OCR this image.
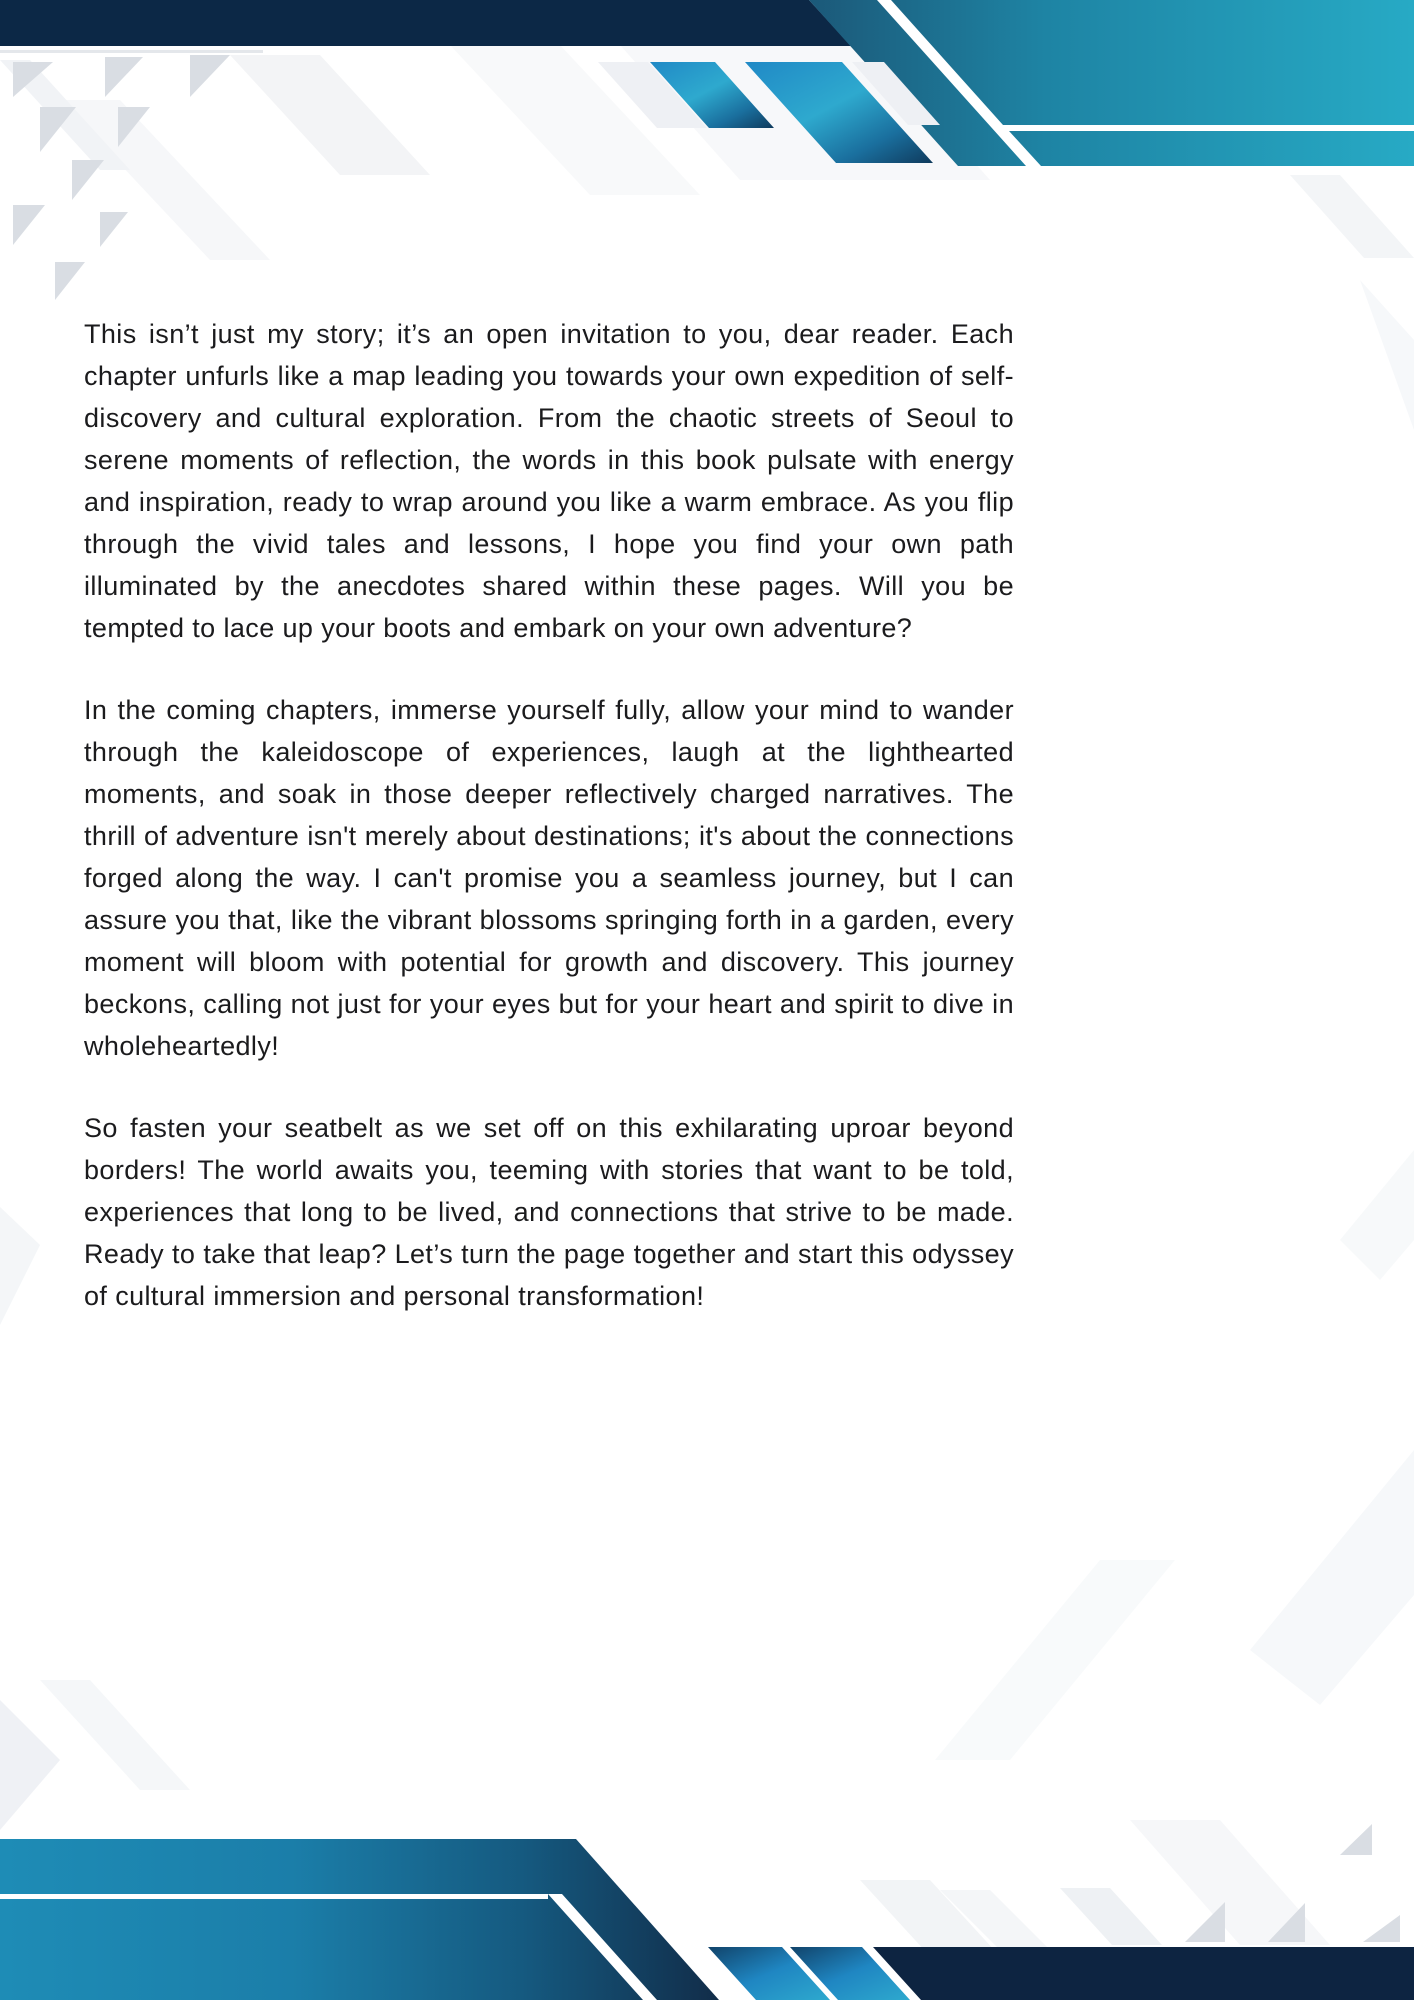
This isn’t just my story; it’s an open invitation to you, dear reader. Each chapter unfurls like a map leading you towards your own expedition of self-discovery and cultural exploration. From the chaotic streets of Seoul to serene moments of reflection, the words in this book pulsate with energy and inspiration, ready to wrap around you like a warm embrace. As you flip through the vivid tales and lessons, I hope you find your own path illuminated by the anecdotes shared within these pages. Will you be tempted to lace up your boots and embark on your own adventure?

In the coming chapters, immerse yourself fully, allow your mind to wander through the kaleidoscope of experiences, laugh at the lighthearted moments, and soak in those deeper reflectively charged narratives. The thrill of adventure isn't merely about destinations; it's about the connections forged along the way. I can't promise you a seamless journey, but I can assure you that, like the vibrant blossoms springing forth in a garden, every moment will bloom with potential for growth and discovery. This journey beckons, calling not just for your eyes but for your heart and spirit to dive in wholeheartedly!

So fasten your seatbelt as we set off on this exhilarating uproar beyond borders! The world awaits you, teeming with stories that want to be told, experiences that long to be lived, and connections that strive to be made. Ready to take that leap? Let’s turn the page together and start this odyssey of cultural immersion and personal transformation!
